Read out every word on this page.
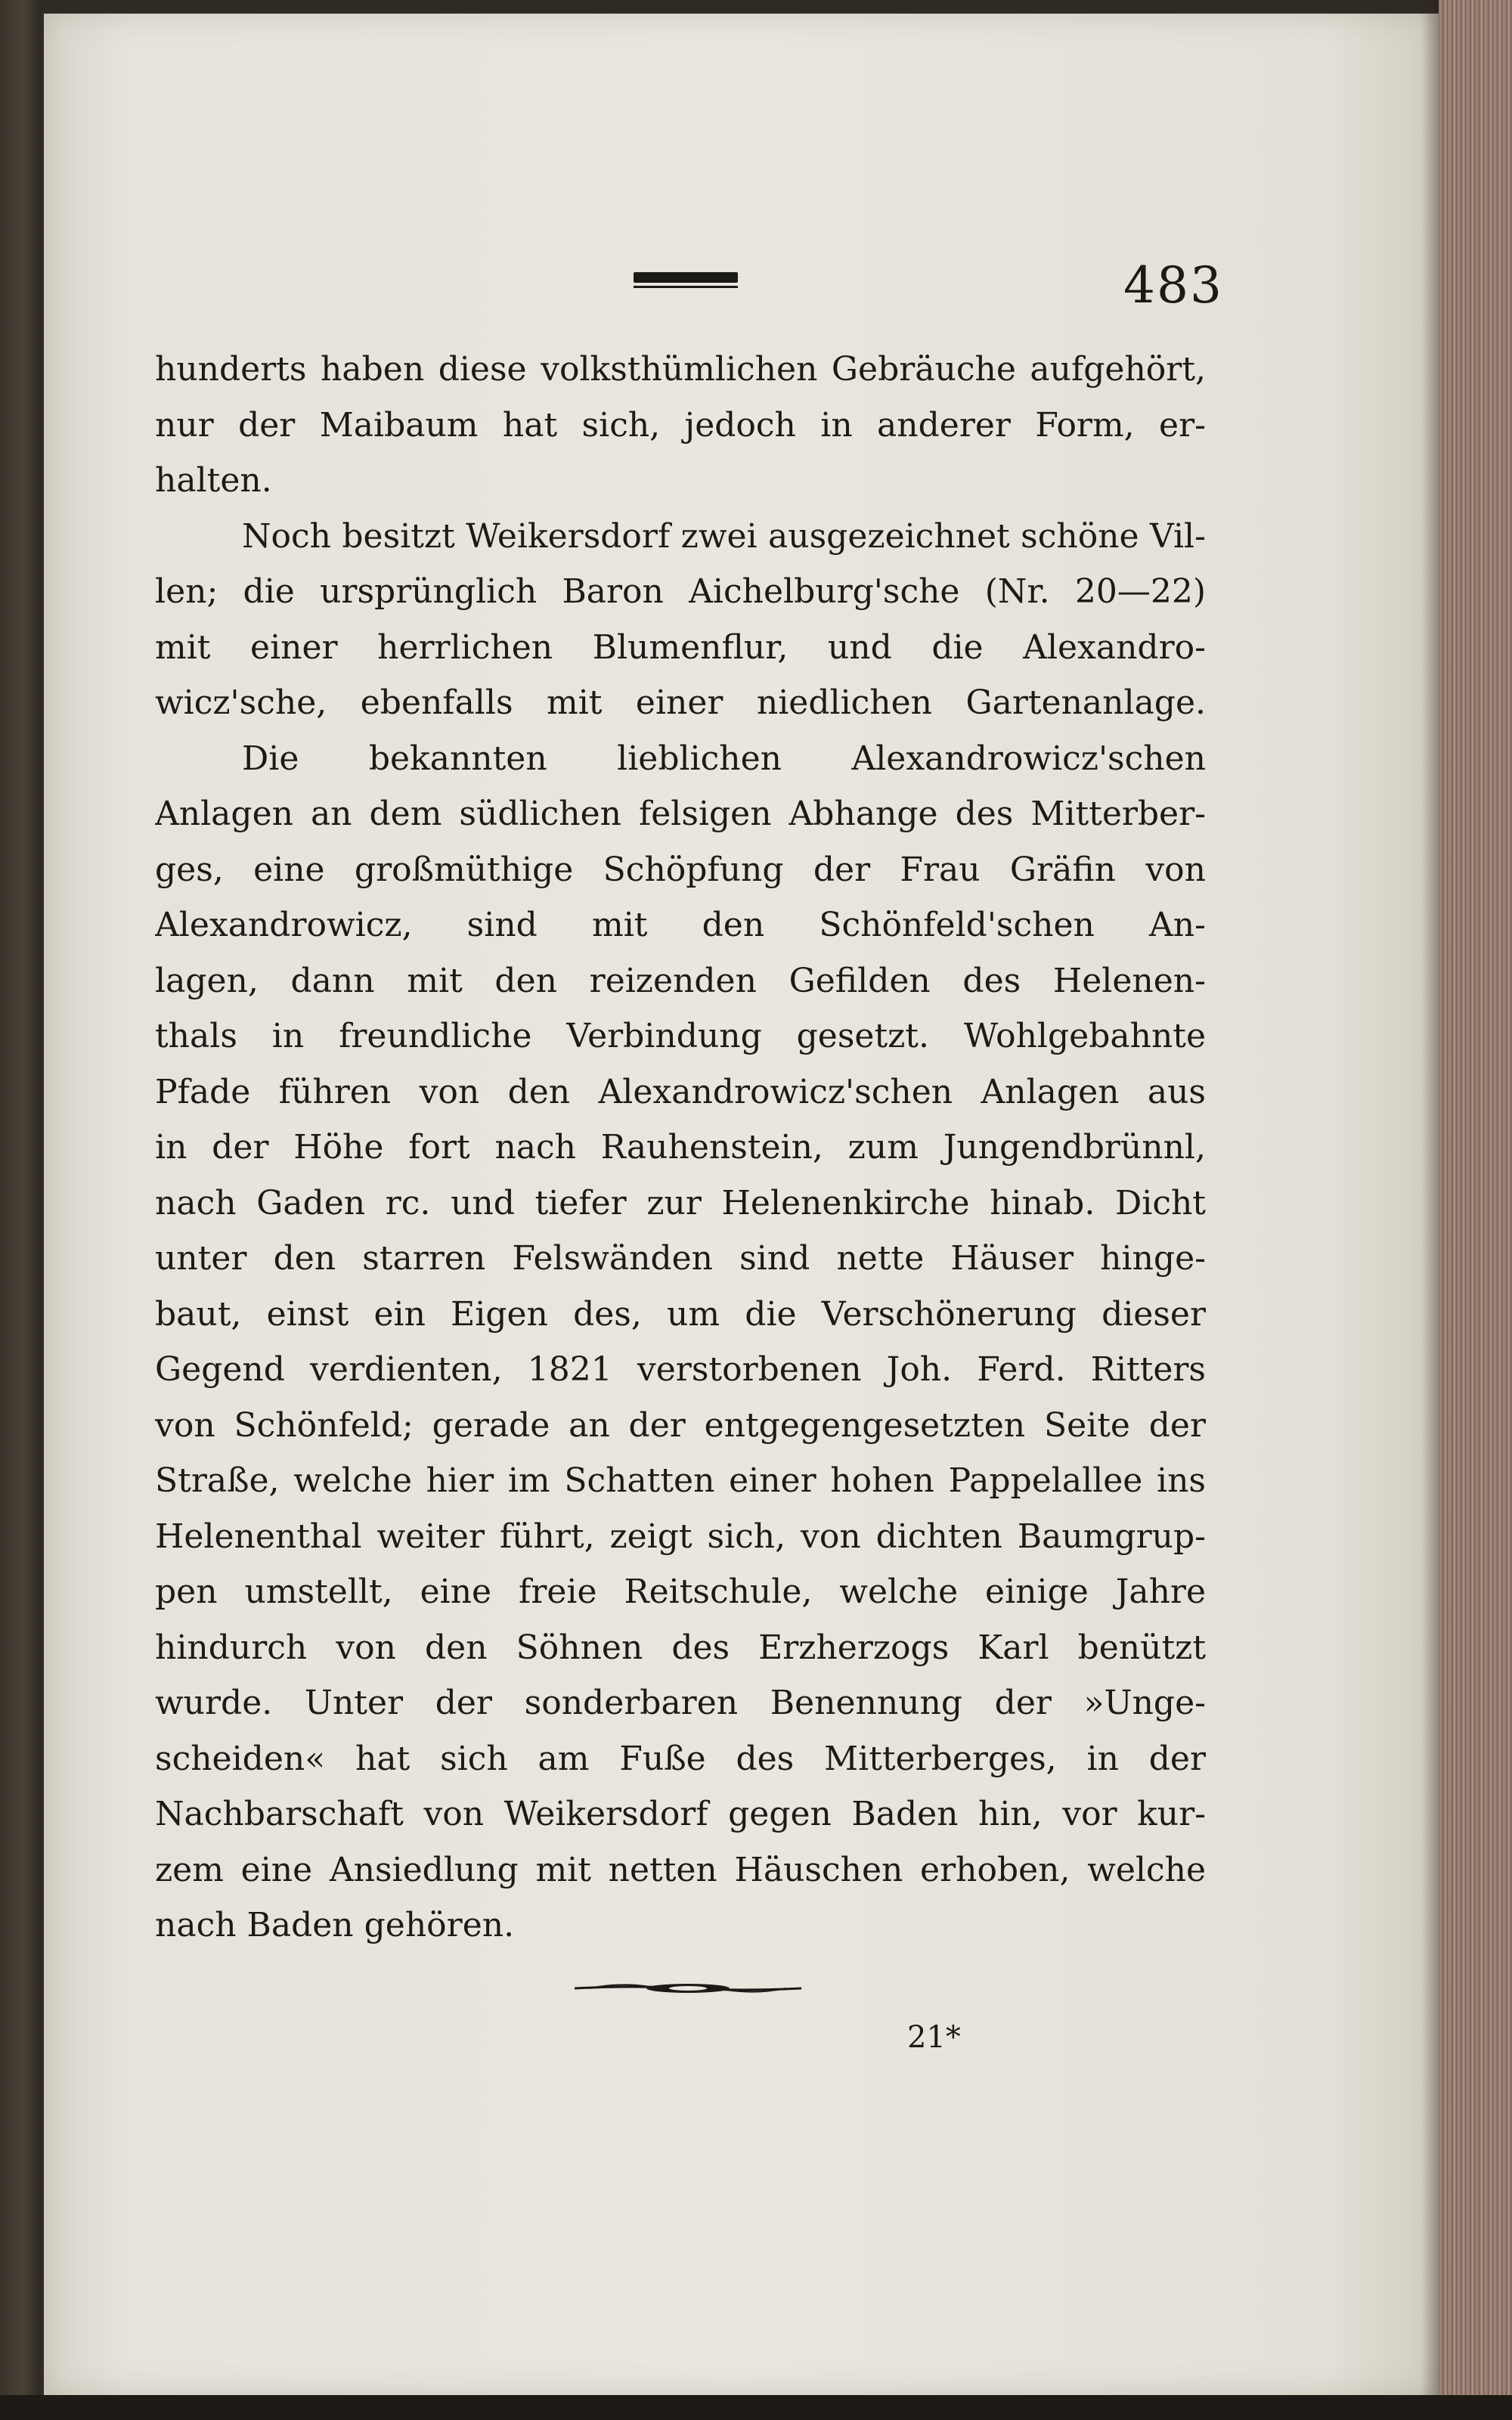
483
hunderts haben diese volksthümlichen Gebräuche aufgehört,
nur der Maibaum hat sich, jedoch in anderer Form, er-
halten.
Noch besitzt Weikersdorf zwei ausgezeichnet schöne Vil-
len; die ursprünglich Baron Aichelburg'sche (Nr. 20—22)
mit einer herrlichen Blumenflur, und die Alexandro-
wicz'sche, ebenfalls mit einer niedlichen Gartenanlage.
Die bekannten lieblichen Alexandrowicz'schen
Anlagen an dem südlichen felsigen Abhange des Mitterber-
ges, eine großmüthige Schöpfung der Frau Gräfin von
Alexandrowicz, sind mit den Schönfeld'schen An-
lagen, dann mit den reizenden Gefilden des Helenen-
thals in freundliche Verbindung gesetzt. Wohlgebahnte
Pfade führen von den Alexandrowicz'schen Anlagen aus
in der Höhe fort nach Rauhenstein, zum Jungendbrünnl,
nach Gaden rc. und tiefer zur Helenenkirche hinab. Dicht
unter den starren Felswänden sind nette Häuser hinge-
baut, einst ein Eigen des, um die Verschönerung dieser
Gegend verdienten, 1821 verstorbenen Joh. Ferd. Ritters
von Schönfeld; gerade an der entgegengesetzten Seite der
Straße, welche hier im Schatten einer hohen Pappelallee ins
Helenenthal weiter führt, zeigt sich, von dichten Baumgrup-
pen umstellt, eine freie Reitschule, welche einige Jahre
hindurch von den Söhnen des Erzherzogs Karl benützt
wurde. Unter der sonderbaren Benennung der »Unge-
scheiden« hat sich am Fuße des Mitterberges, in der
Nachbarschaft von Weikersdorf gegen Baden hin, vor kur-
zem eine Ansiedlung mit netten Häuschen erhoben, welche
nach Baden gehören.
21*
